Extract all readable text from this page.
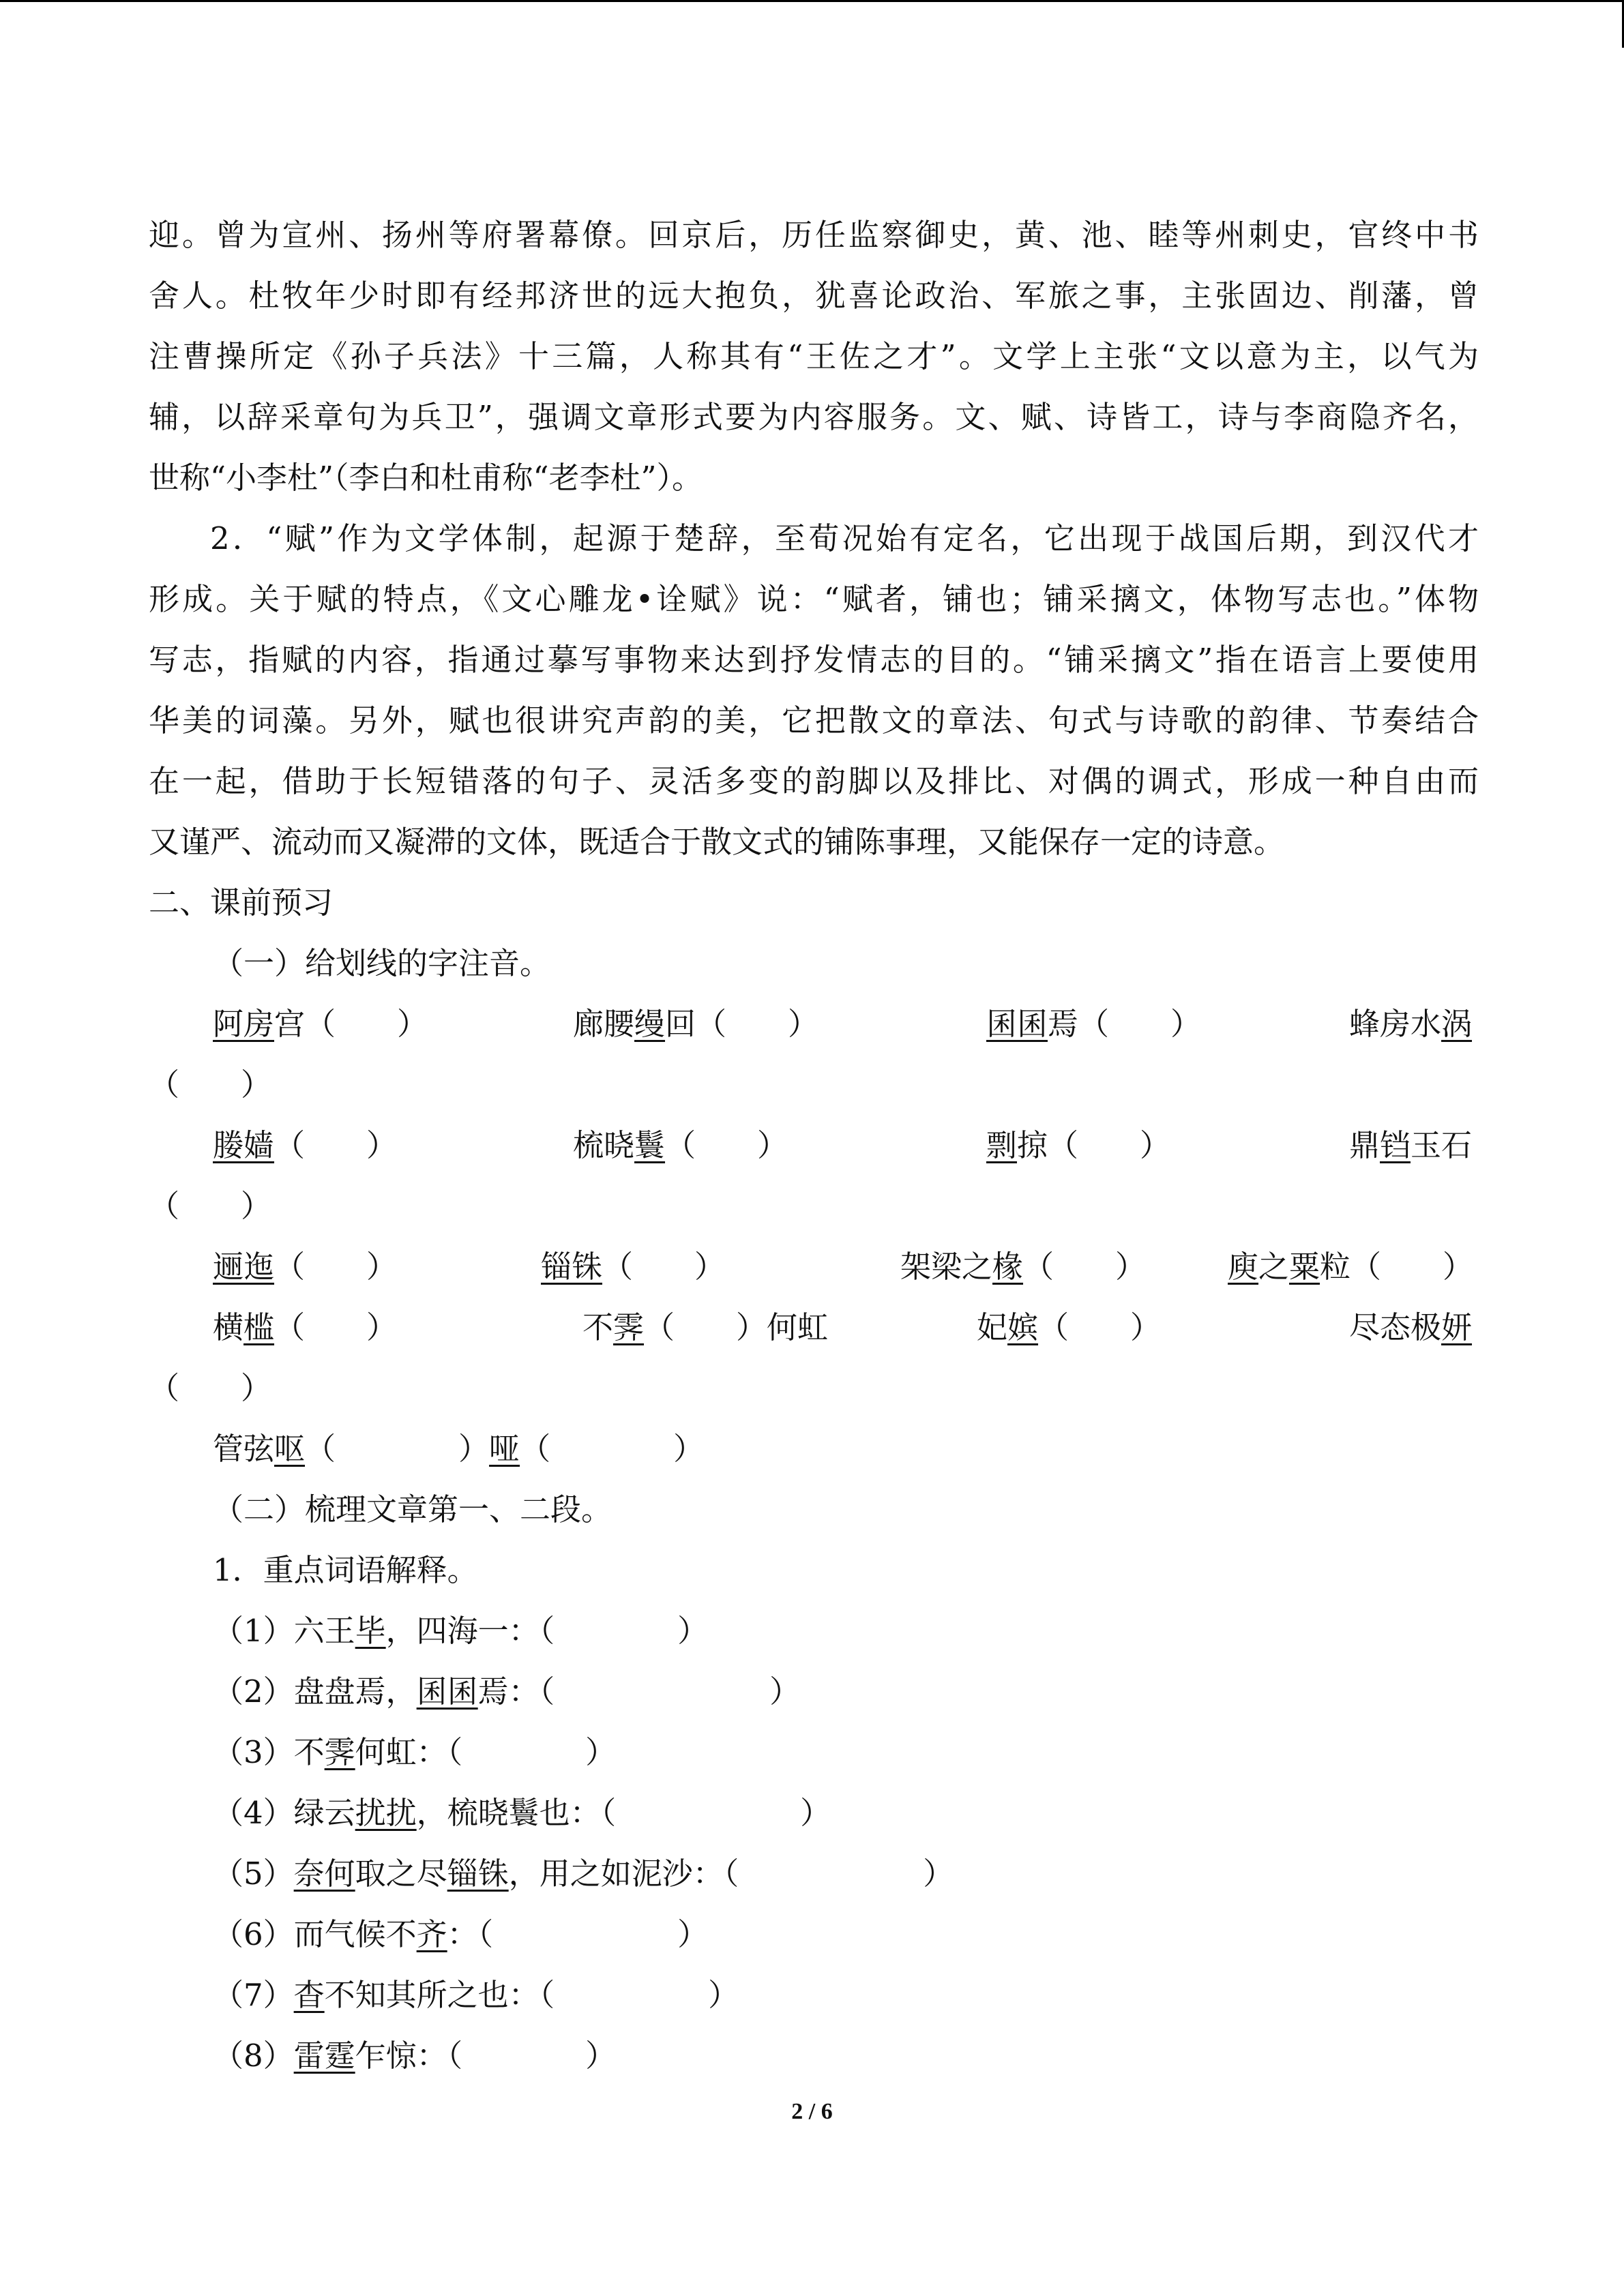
迎。曾为宣州、扬州等府署幕僚。回京后，历任监察御史，黄、池、睦等州刺史，官终中书
舍人。杜牧年少时即有经邦济世的远大抱负，犹喜论政治、军旅之事，主张固边、削藩，曾
注曹操所定《孙子兵法》十三篇，人称其有“王佐之才”。文学上主张“文以意为主，以气为
辅，以辞采章句为兵卫”，强调文章形式要为内容服务。文、赋、诗皆工，诗与李商隐齐名，
世称“小李杜”（李白和杜甫称“老李杜”）。
2．“赋”作为文学体制，起源于楚辞，至荀况始有定名，它出现于战国后期，到汉代才
形成。关于赋的特点，《文心雕龙•诠赋》说：“赋者，铺也；铺采摛文，体物写志也。”体物
写志，指赋的内容，指通过摹写事物来达到抒发情志的目的。“铺采摛文”指在语言上要使用
华美的词藻。另外，赋也很讲究声韵的美，它把散文的章法、句式与诗歌的韵律、节奏结合
在一起，借助于长短错落的句子、灵活多变的韵脚以及排比、对偶的调式，形成一种自由而
又谨严、流动而又凝滞的文体，既适合于散文式的铺陈事理，又能保存一定的诗意。
二、课前预习
（一）给划线的字注音。
阿房宫（　　）	廊腰缦回（　　）	囷囷焉（　　）	蜂房水涡
（　　）
媵嫱（　　）	梳晓鬟（　　）	剽掠（　　）	鼎铛玉石
（　　）
逦迤（　　）	锱铢（　　）	架梁之椽（　　）	庾之粟粒（　　）
横槛（　　）	不霁（　　）何虹	妃嫔（　　）	尽态极妍
（　　）
管弦呕（　　　　）哑（　　　　）
（二）梳理文章第一、二段。
1．重点词语解释。
（1）六王毕，四海一：（　　　　）
（2）盘盘焉，囷囷焉：（　　　　　　　）
（3）不霁何虹：（　　　　）
（4）绿云扰扰，梳晓鬟也：（　　　　　　）
（5）奈何取之尽锱铢，用之如泥沙：（　　　　　　）
（6）而气候不齐：（　　　　　　）
（7）杳不知其所之也：（　　　　　）
（8）雷霆乍惊：（　　　　）
2 / 6
